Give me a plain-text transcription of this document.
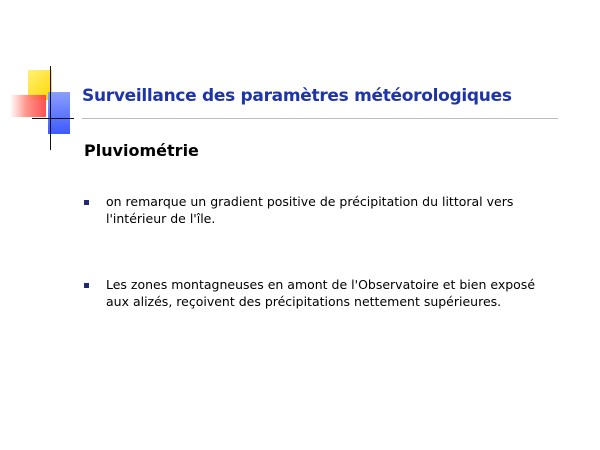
Surveillance des paramètres météorologiques
Pluviométrie

on remarque un gradient positive de précipitation du littoral vers l'intérieur de l'île.

Les zones montagneuses en amont de l'Observatoire et bien exposé aux alizés, reçoivent des précipitations nettement supérieures.
